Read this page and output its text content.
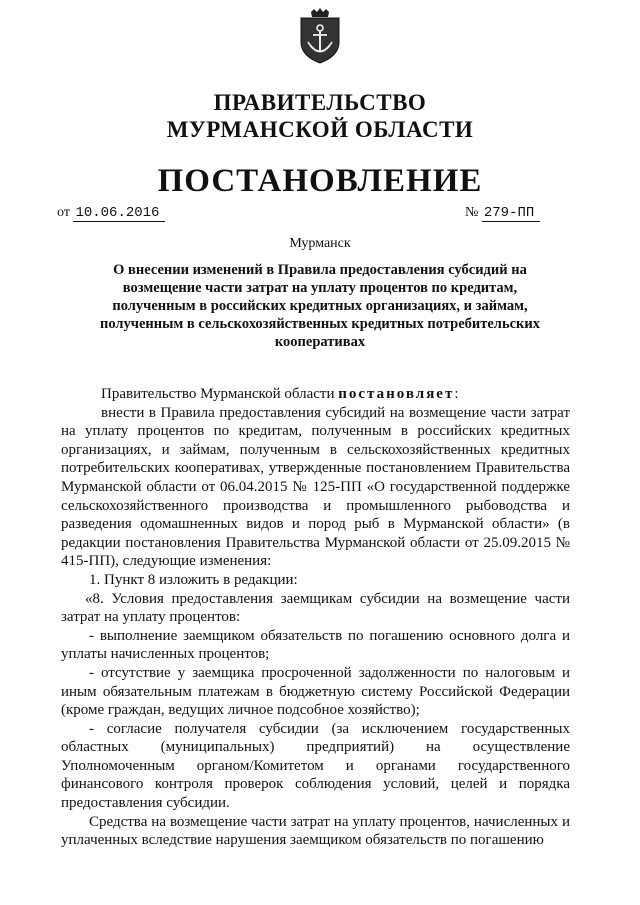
ПРАВИТЕЛЬСТВО
МУРМАНСКОЙ ОБЛАСТИ
ПОСТАНОВЛЕНИЕ
от 10.06.2016	№ 279-ПП
Мурманск
О внесении изменений в Правила предоставления субсидий на возмещение части затрат на уплату процентов по кредитам, полученным в российских кредитных организациях, и займам, полученным в сельскохозяйственных кредитных потребительских кооперативах

Правительство Мурманской области постановляет:

внести в Правила предоставления субсидий на возмещение части затрат на уплату процентов по кредитам, полученным в российских кредитных организациях, и займам, полученным в сельскохозяйственных кредитных потребительских кооперативах, утвержденные постановлением Правительства Мурманской области от 06.04.2015 № 125-ПП «О государственной поддержке сельскохозяйственного производства и промышленного рыбоводства и разведения одомашненных видов и пород рыб в Мурманской области» (в редакции постановления Правительства Мурманской области от 25.09.2015 № 415-ПП), следующие изменения:

1. Пункт 8 изложить в редакции:

«8. Условия предоставления заемщикам субсидии на возмещение части затрат на уплату процентов:

- выполнение заемщиком обязательств по погашению основного долга и уплаты начисленных процентов;

- отсутствие у заемщика просроченной задолженности по налоговым и иным обязательным платежам в бюджетную систему Российской Федерации (кроме граждан, ведущих личное подсобное хозяйство);

- согласие получателя субсидии (за исключением государственных областных (муниципальных) предприятий) на осуществление Уполномоченным органом/Комитетом и органами государственного финансового контроля проверок соблюдения условий, целей и порядка предоставления субсидии.

Средства на возмещение части затрат на уплату процентов, начисленных и уплаченных вследствие нарушения заемщиком обязательств по погашению
